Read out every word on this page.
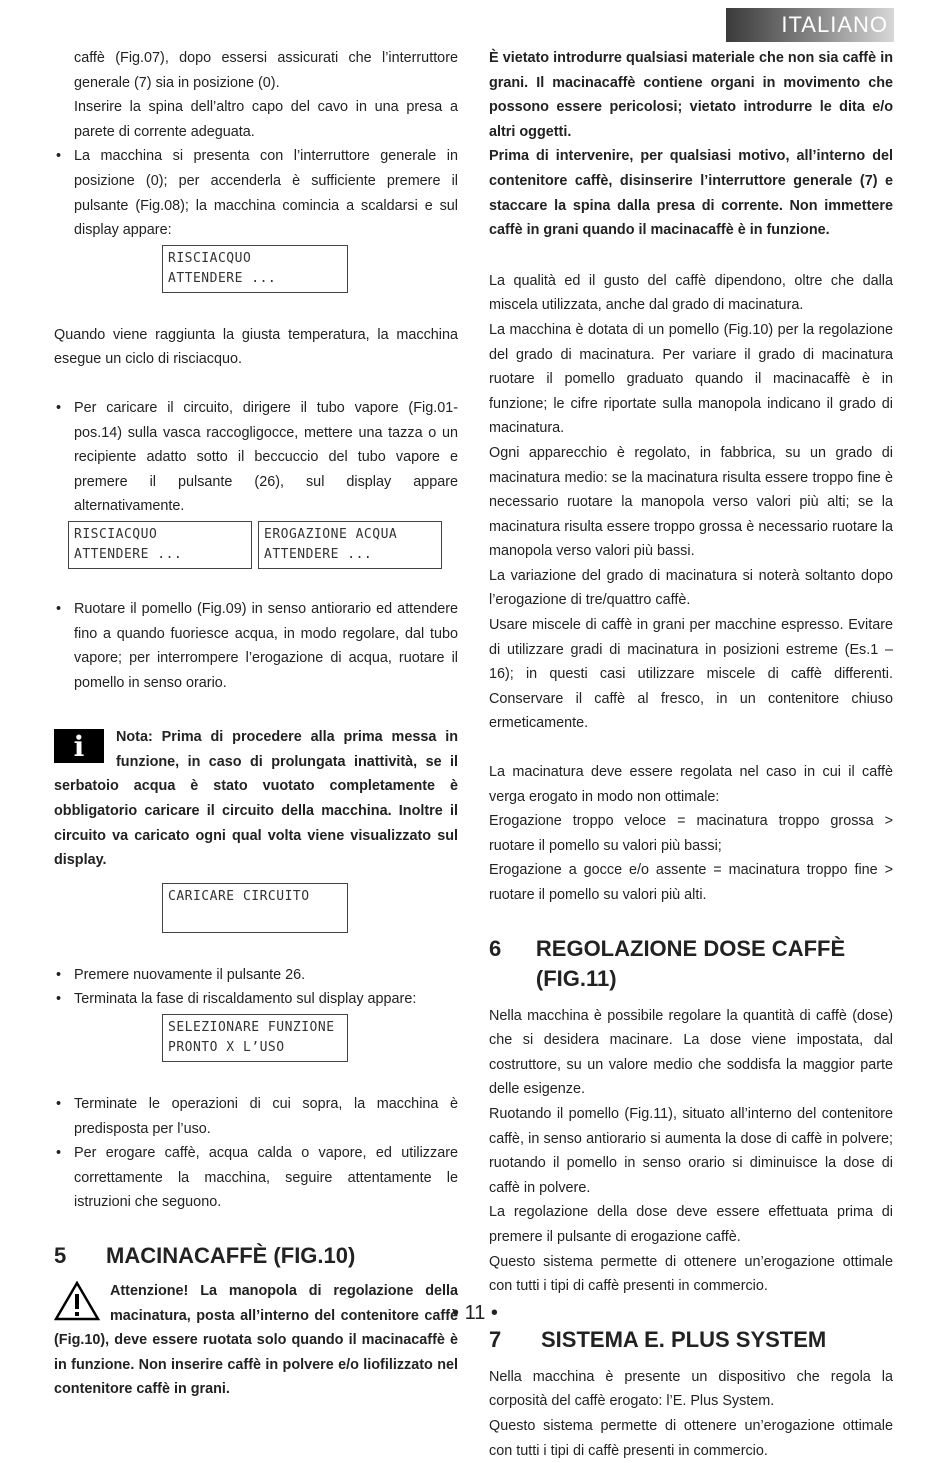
ITALIANO

caffè (Fig.07), dopo essersi assicurati che l’interruttore generale (7) sia in posizione (0).

Inserire la spina dell’altro capo del cavo in una presa a parete di corrente adeguata.

• La macchina si presenta con l’interruttore generale in posizione (0); per accenderla è sufficiente premere il pulsante (Fig.08); la macchina comincia a scaldarsi e sul display appare:
RISCIACQUO
ATTENDERE ...

Quando viene raggiunta la giusta temperatura, la macchina esegue un ciclo di risciacquo.

• Per caricare il circuito, dirigere il tubo vapore (Fig.01-pos.14) sulla vasca raccogligocce, mettere una tazza o un recipiente adatto sotto il beccuccio del tubo vapore e premere il pulsante (26), sul display appare alternativamente.
RISCIACQUO
ATTENDERE ...
EROGAZIONE ACQUA
ATTENDERE ...
• Ruotare il pomello (Fig.09) in senso antiorario ed attendere fino a quando fuoriesce acqua, in modo regolare, dal tubo vapore; per interrompere l’erogazione di acqua, ruotare il pomello in senso orario.
i	Nota: Prima di procedere alla prima messa in funzione, in caso di prolungata inattività, se il serbatoio acqua è stato vuotato completamente è obbligatorio caricare il circuito della macchina. Inoltre il circuito va caricato ogni qual volta viene visualizzato sul display.

CARICARE CIRCUITO
• Premere nuovamente il pulsante 26.
• Terminata la fase di riscaldamento sul display appare:
SELEZIONARE FUNZIONE
PRONTO X L’USO
• Terminate le operazioni di cui sopra, la macchina è predisposta per l’uso.
• Per erogare caffè, acqua calda o vapore, ed utilizzare correttamente la macchina, seguire attentamente le istruzioni che seguono.
5	MACINACAFFÈ (FIG.10)

Attenzione! La manopola di regolazione della macinatura, posta all’interno del contenitore caffè (Fig.10), deve essere ruotata solo quando il macinacaffè è in funzione. Non inserire caffè in polvere e/o liofilizzato nel contenitore caffè in grani.

È vietato introdurre qualsiasi materiale che non sia caffè in grani. Il macinacaffè contiene organi in movimento che possono essere pericolosi; vietato introdurre le dita e/o altri oggetti.

Prima di intervenire, per qualsiasi motivo, all’interno del contenitore caffè, disinserire l’interruttore generale (7) e staccare la spina dalla presa di corrente. Non immettere caffè in grani quando il macinacaffè è in funzione.

La qualità ed il gusto del caffè dipendono, oltre che dalla miscela utilizzata, anche dal grado di macinatura.

La macchina è dotata di un pomello (Fig.10) per la regolazione del grado di macinatura. Per variare il grado di macinatura ruotare il pomello graduato quando il macinacaffè è in funzione; le cifre riportate sulla manopola indicano il grado di macinatura.

Ogni apparecchio è regolato, in fabbrica, su un grado di macinatura medio: se la macinatura risulta essere troppo fine è necessario ruotare la manopola verso valori più alti; se la macinatura risulta essere troppo grossa è necessario ruotare la manopola verso valori più bassi.

La variazione del grado di macinatura si noterà soltanto dopo l’erogazione di tre/quattro caffè.

Usare miscele di caffè in grani per macchine espresso. Evitare di utilizzare gradi di macinatura in posizioni estreme (Es.1 – 16); in questi casi utilizzare miscele di caffè differenti. Conservare il caffè al fresco, in un contenitore chiuso ermeticamente.

La macinatura deve essere regolata nel caso in cui il caffè verga erogato in modo non ottimale:

Erogazione troppo veloce = macinatura troppo grossa > ruotare il pomello su valori più bassi;

Erogazione a gocce e/o assente = macinatura troppo fine > ruotare il pomello su valori più alti.

6	REGOLAZIONE DOSE CAFFÈ (FIG.11)

Nella macchina è possibile regolare la quantità di caffè (dose) che si desidera macinare. La dose viene impostata, dal costruttore, su un valore medio che soddisfa la maggior parte delle esigenze.

Ruotando il pomello (Fig.11), situato all’interno del contenitore caffè, in senso antiorario si aumenta la dose di caffè in polvere; ruotando il pomello in senso orario si diminuisce la dose di caffè in polvere.

La regolazione della dose deve essere effettuata prima di premere il pulsante di erogazione caffè.

Questo sistema permette di ottenere un’erogazione ottimale con tutti i tipi di caffè presenti in commercio.

7	SISTEMA E. PLUS SYSTEM

Nella macchina è presente un dispositivo che regola la corposità del caffè erogato: l’E. Plus System.

Questo sistema permette di ottenere un’erogazione ottimale con tutti i tipi di caffè presenti in commercio.

• 11 •
